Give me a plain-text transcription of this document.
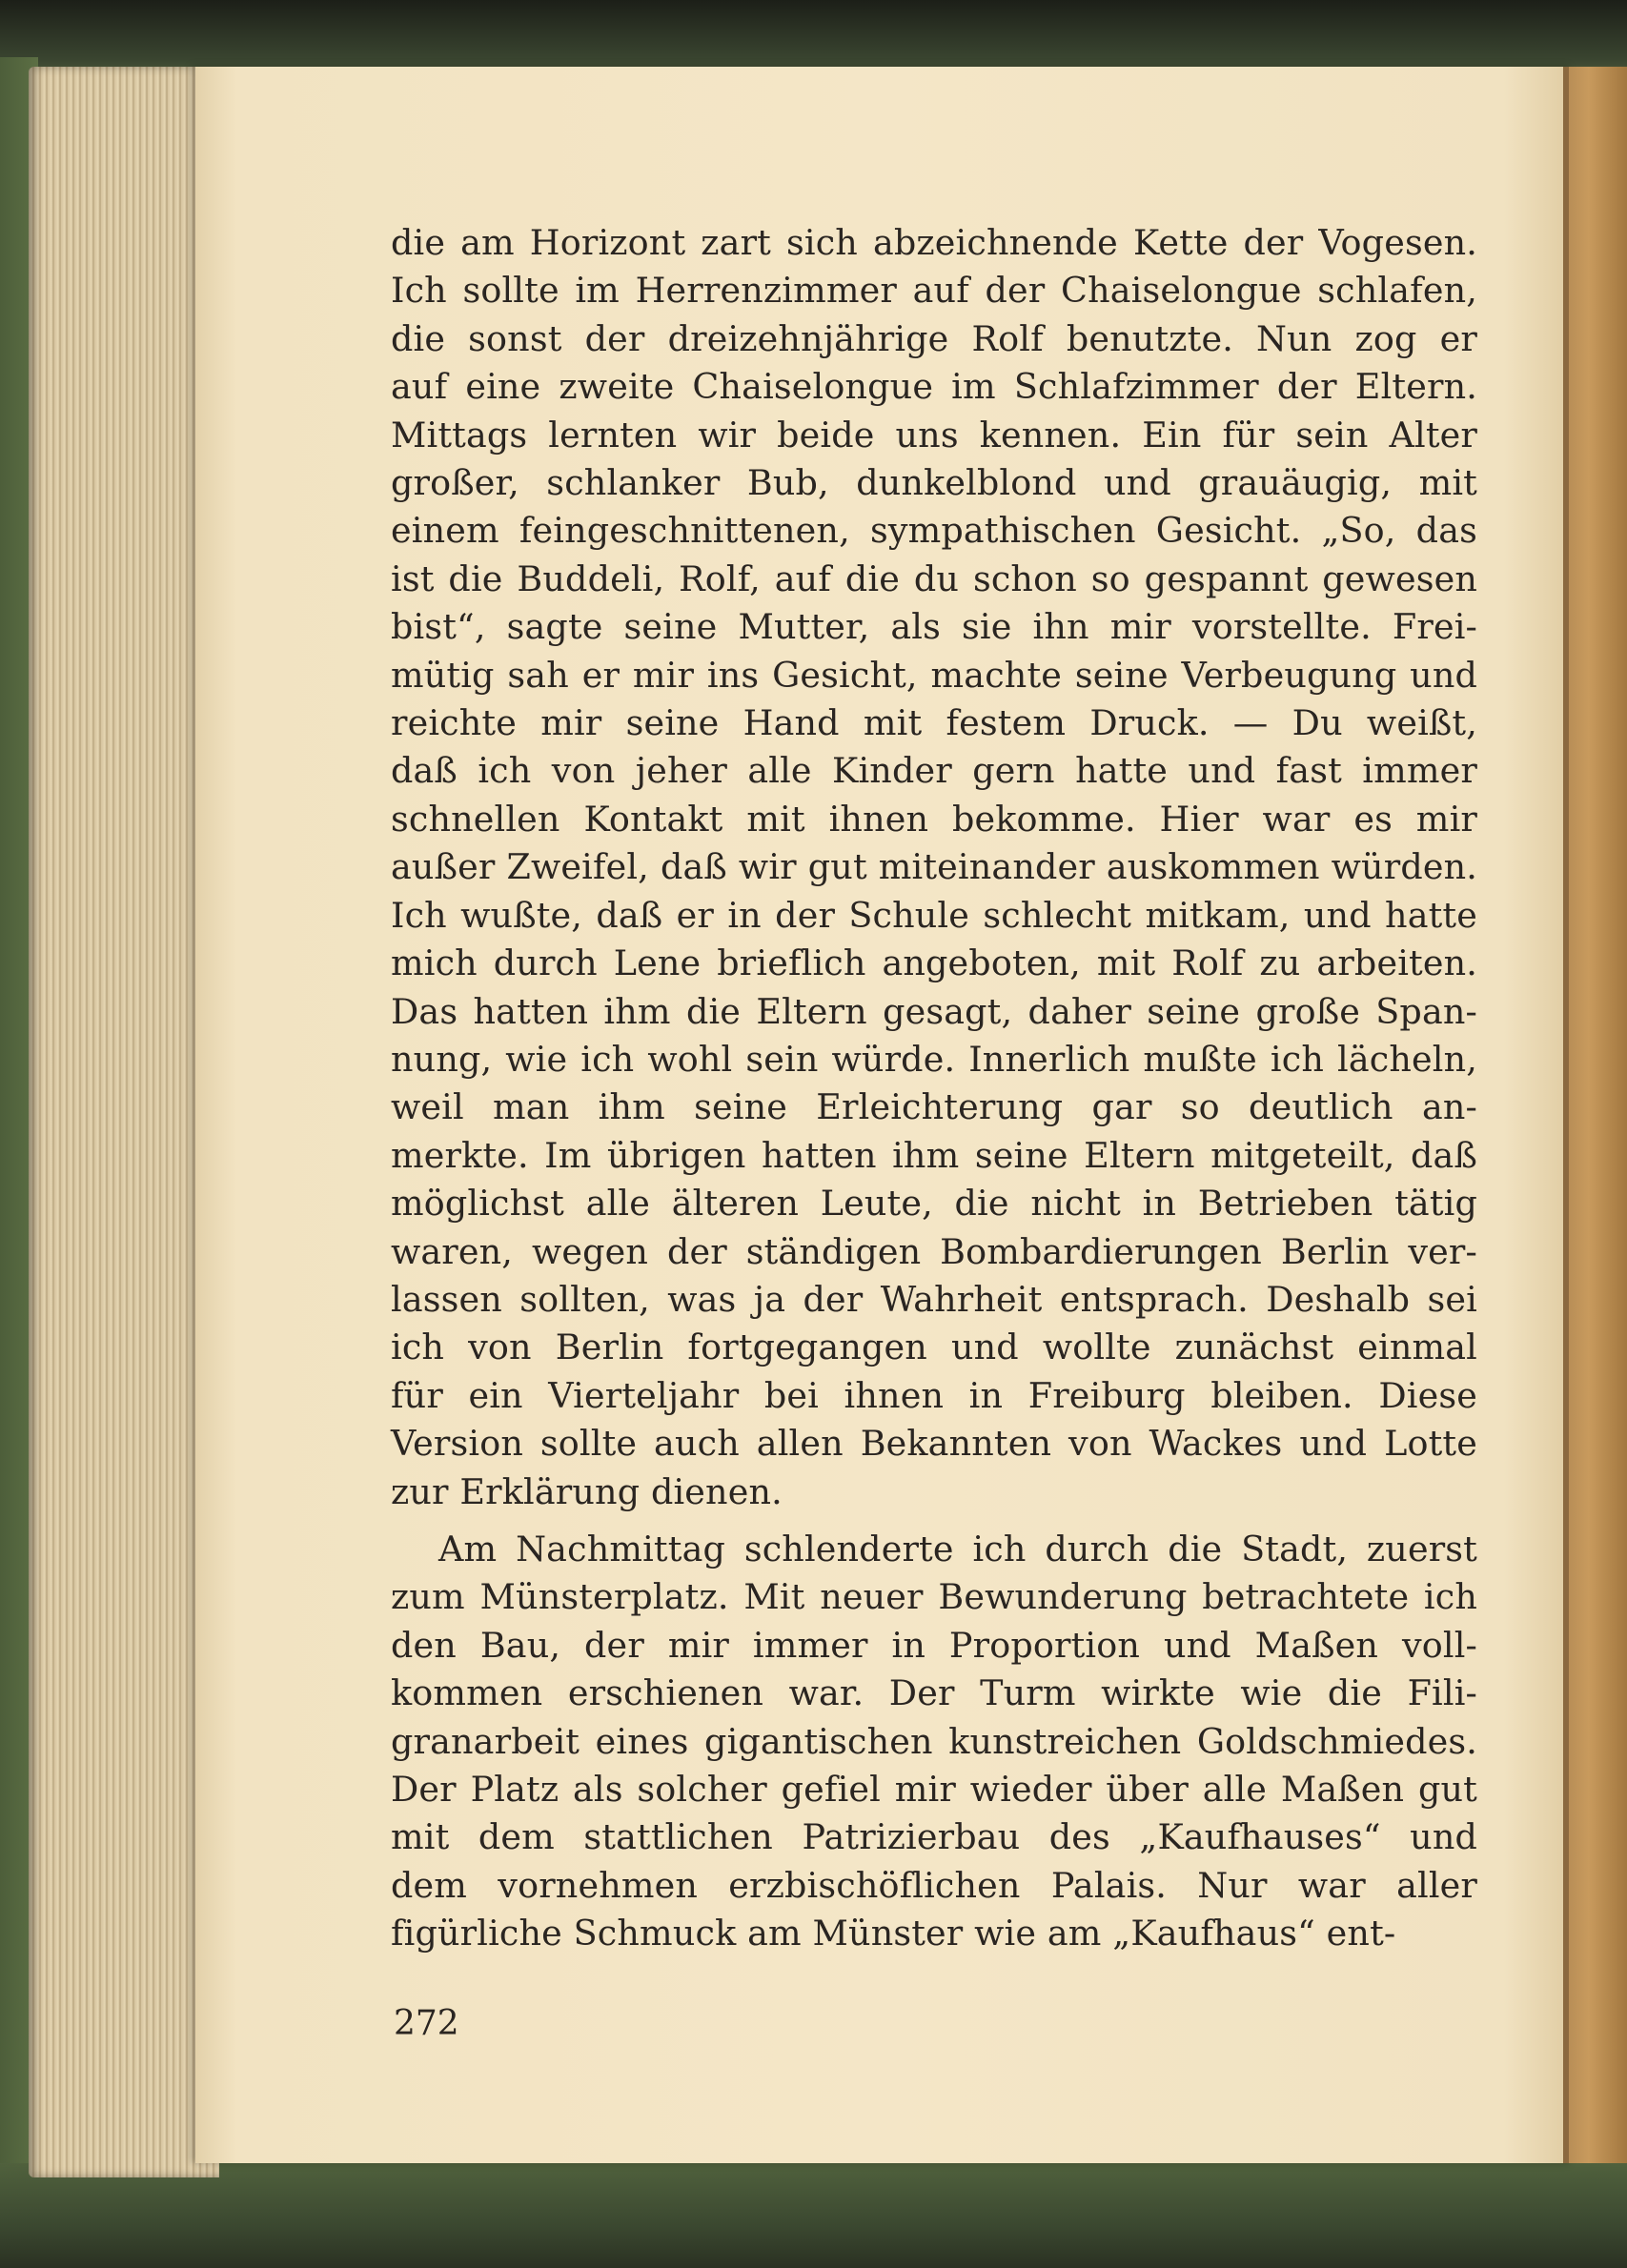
die am Horizont zart sich abzeichnende Kette der Vogesen.
Ich sollte im Herrenzimmer auf der Chaiselongue schlafen,
die sonst der dreizehnjährige Rolf benutzte. Nun zog er
auf eine zweite Chaiselongue im Schlafzimmer der Eltern.
Mittags lernten wir beide uns kennen. Ein für sein Alter
großer, schlanker Bub, dunkelblond und grauäugig, mit
einem feingeschnittenen, sympathischen Gesicht. „So, das
ist die Buddeli, Rolf, auf die du schon so gespannt gewesen
bist“, sagte seine Mutter, als sie ihn mir vorstellte. Frei-
mütig sah er mir ins Gesicht, machte seine Verbeugung und
reichte mir seine Hand mit festem Druck. — Du weißt,
daß ich von jeher alle Kinder gern hatte und fast immer
schnellen Kontakt mit ihnen bekomme. Hier war es mir
außer Zweifel, daß wir gut miteinander auskommen würden.
Ich wußte, daß er in der Schule schlecht mitkam, und hatte
mich durch Lene brieflich angeboten, mit Rolf zu arbeiten.
Das hatten ihm die Eltern gesagt, daher seine große Span-
nung, wie ich wohl sein würde. Innerlich mußte ich lächeln,
weil man ihm seine Erleichterung gar so deutlich an-
merkte. Im übrigen hatten ihm seine Eltern mitgeteilt, daß
möglichst alle älteren Leute, die nicht in Betrieben tätig
waren, wegen der ständigen Bombardierungen Berlin ver-
lassen sollten, was ja der Wahrheit entsprach. Deshalb sei
ich von Berlin fortgegangen und wollte zunächst einmal
für ein Vierteljahr bei ihnen in Freiburg bleiben. Diese
Version sollte auch allen Bekannten von Wackes und Lotte
zur Erklärung dienen.
Am Nachmittag schlenderte ich durch die Stadt, zuerst
zum Münsterplatz. Mit neuer Bewunderung betrachtete ich
den Bau, der mir immer in Proportion und Maßen voll-
kommen erschienen war. Der Turm wirkte wie die Fili-
granarbeit eines gigantischen kunstreichen Goldschmiedes.
Der Platz als solcher gefiel mir wieder über alle Maßen gut
mit dem stattlichen Patrizierbau des „Kaufhauses“ und
dem vornehmen erzbischöflichen Palais. Nur war aller
figürliche Schmuck am Münster wie am „Kaufhaus“ ent-
272
